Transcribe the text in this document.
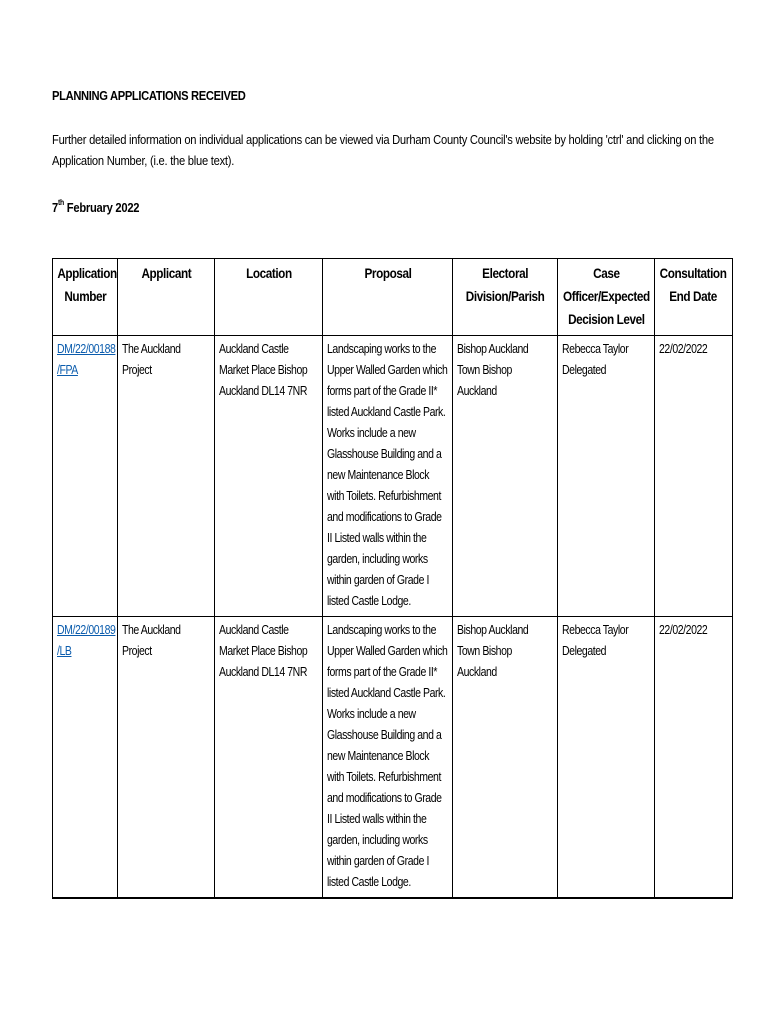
PLANNING APPLICATIONS RECEIVED
Further detailed information on individual applications can be viewed via Durham County Council's website by holding 'ctrl' and clicking on the Application Number, (i.e. the blue text).
7th February 2022
Application Number	Applicant	Location	Proposal	Electoral Division/Parish	Case Officer/Expected Decision Level	Consultation End Date
DM/22/00188 /FPA	The Auckland Project	Auckland Castle Market Place Bishop Auckland DL14 7NR	Landscaping works to the Upper Walled Garden which forms part of the Grade II* listed Auckland Castle Park. Works include a new Glasshouse Building and a new Maintenance Block with Toilets. Refurbishment and modifications to Grade II Listed walls within the garden, including works within garden of Grade I listed Castle Lodge.	Bishop Auckland Town Bishop Auckland	Rebecca Taylor Delegated	22/02/2022
DM/22/00189 /LB	The Auckland Project	Auckland Castle Market Place Bishop Auckland DL14 7NR	Landscaping works to the Upper Walled Garden which forms part of the Grade II* listed Auckland Castle Park. Works include a new Glasshouse Building and a new Maintenance Block with Toilets. Refurbishment and modifications to Grade II Listed walls within the garden, including works within garden of Grade I listed Castle Lodge.	Bishop Auckland Town Bishop Auckland	Rebecca Taylor Delegated	22/02/2022
